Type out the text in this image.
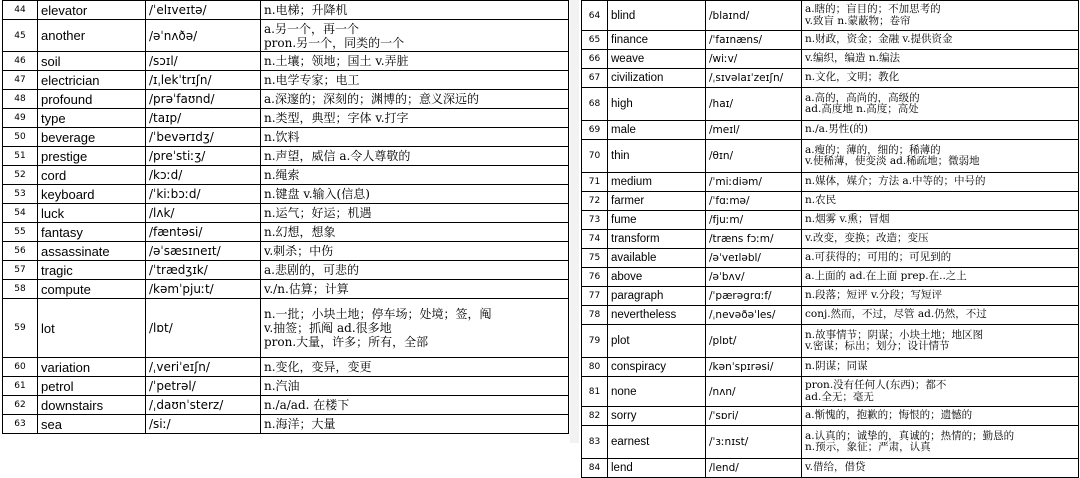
44	elevator	/ˈelɪveɪtə/	n.电梯；升降机

45	another	/əˈnʌðə/	a.另一个，再一个
pron.另一个，同类的一个

46	soil	/sɔɪl/	n.土壤；领地；国土 v.弄脏

47	electrician	/ɪˌlekˈtrɪʃn/	n.电学专家；电工

48	profound	/prəˈfaʊnd/	a.深邃的；深刻的；渊博的；意义深远的

49	type	/taɪp/	n.类型，典型；字体 v.打字

50	beverage	/ˈbevərɪdʒ/	n.饮料

51	prestige	/preˈstiːʒ/	n.声望，威信 a.令人尊敬的

52	cord	/kɔːd/	n.绳索

53	keyboard	/ˈkiːbɔːd/	n.键盘 v.输入(信息)

54	luck	/lʌk/	n.运气；好运；机遇

55	fantasy	/fæntəsi/	n.幻想，想象

56	assassinate	/əˈsæsɪneɪt/	v.刺杀；中伤

57	tragic	/ˈtrædʒɪk/	a.悲剧的，可悲的

58	compute	/kəmˈpjuːt/	v./n.估算；计算

59	lot	/lɒt/	n.一批；小块土地；停车场；处境；签，阄
v.抽签；抓阄 ad.很多地
pron.大量，许多；所有，全部

60	variation	/ˌveriˈeɪʃn/	n.变化，变异，变更

61	petrol	/ˈpetrəl/	n.汽油

62	downstairs	/ˌdaʊnˈsterz/	n./a/ad. 在楼下

63	sea	/siː/	n.海洋；大量
64	blind	/blaɪnd/	a.瞎的；盲目的；不加思考的
v.致盲 n.蒙蔽物；卷帘

65	finance	/ˈfaɪnæns/	n.财政，资金；金融 v.提供资金

66	weave	/wiːv/	v.编织，编造 n.编法

67	civilization	/ˌsɪvəlaɪˈzeɪʃn/	n.文化，文明；教化

68	high	/haɪ/	a.高的，高尚的，高级的
ad.高度地 n.高度；高处

69	male	/meɪl/	n./a.男性(的)

70	thin	/θɪn/	a.瘦的；薄的，细的；稀薄的
v.使稀薄，使变淡 ad.稀疏地；微弱地

71	medium	/ˈmiːdiəm/	n.媒体，媒介；方法 a.中等的；中号的

72	farmer	/ˈfɑːmə/	n.农民

73	fume	/fjuːm/	n.烟雾 v.熏；冒烟

74	transform	/træns fɔːm/	v.改变，变换；改造；变压

75	available	/əˈveɪləbl/	a.可获得的；可用的；可见到的

76	above	/əˈbʌv/	a.上面的 ad.在上面 prep.在..之上

77	paragraph	/ˈpærəgrɑːf/	n.段落；短评 v.分段；写短评

78	nevertheless	/ˌnevəðəˈles/	conj.然而，不过，尽管 ad.仍然，不过

79	plot	/plɒt/	n.故事情节；阴谋；小块土地；地区图
v.密谋；标出；划分；设计情节

80	conspiracy	/kənˈspɪrəsi/	n.阴谋；同谋

81	none	/nʌn/	pron.没有任何人(东西)；都不
ad.全无；毫无

82	sorry	/ˈsɒri/	a.惭愧的，抱歉的；悔恨的；遗憾的

83	earnest	/ˈɜːnɪst/	a.认真的；诚挚的，真诚的；热情的；勤恳的
n.预示，象征；严肃，认真

84	lend	/lend/	v.借给，借贷
